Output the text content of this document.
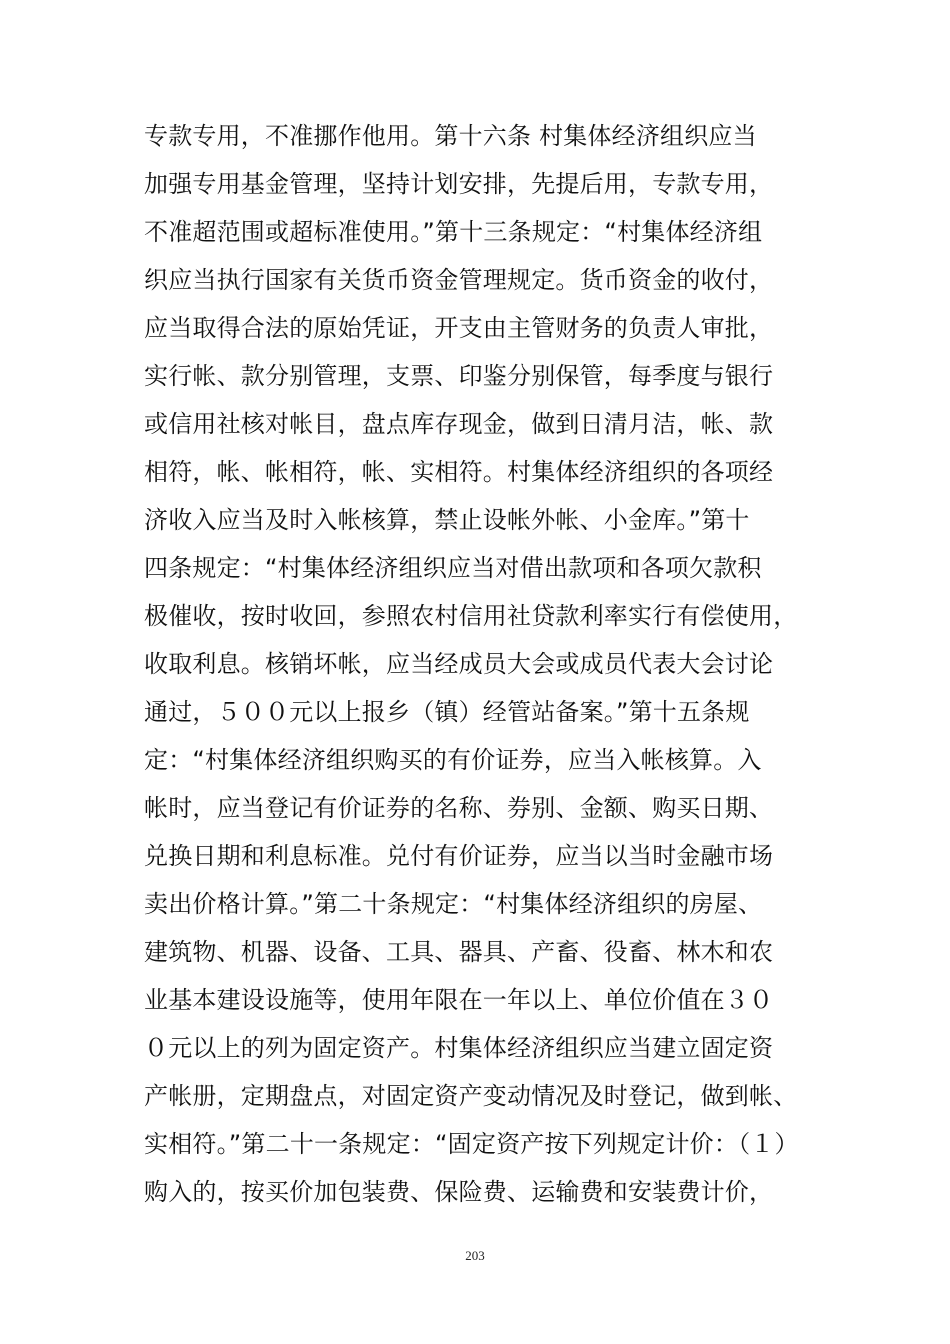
专款专用，不准挪作他用。第十六条 村集体经济组织应当
加强专用基金管理，坚持计划安排，先提后用，专款专用，
不准超范围或超标准使用。”第十三条规定：“村集体经济组
织应当执行国家有关货币资金管理规定。货币资金的收付，
应当取得合法的原始凭证，开支由主管财务的负责人审批，
实行帐、款分别管理，支票、印鉴分别保管，每季度与银行
或信用社核对帐目，盘点库存现金，做到日清月洁，帐、款
相符，帐、帐相符，帐、实相符。村集体经济组织的各项经
济收入应当及时入帐核算，禁止设帐外帐、小金库。”第十
四条规定：“村集体经济组织应当对借出款项和各项欠款积
极催收，按时收回，参照农村信用社贷款利率实行有偿使用，
收取利息。核销坏帐，应当经成员大会或成员代表大会讨论
通过，５００元以上报乡（镇）经管站备案。”第十五条规
定：“村集体经济组织购买的有价证券，应当入帐核算。入
帐时，应当登记有价证券的名称、券别、金额、购买日期、
兑换日期和利息标准。兑付有价证券，应当以当时金融市场
卖出价格计算。”第二十条规定：“村集体经济组织的房屋、
建筑物、机器、设备、工具、器具、产畜、役畜、林木和农
业基本建设设施等，使用年限在一年以上、单位价值在３０
０元以上的列为固定资产。村集体经济组织应当建立固定资
产帐册，定期盘点，对固定资产变动情况及时登记，做到帐、
实相符。”第二十一条规定：“固定资产按下列规定计价：（１）
购入的，按买价加包装费、保险费、运输费和安装费计价，
203
